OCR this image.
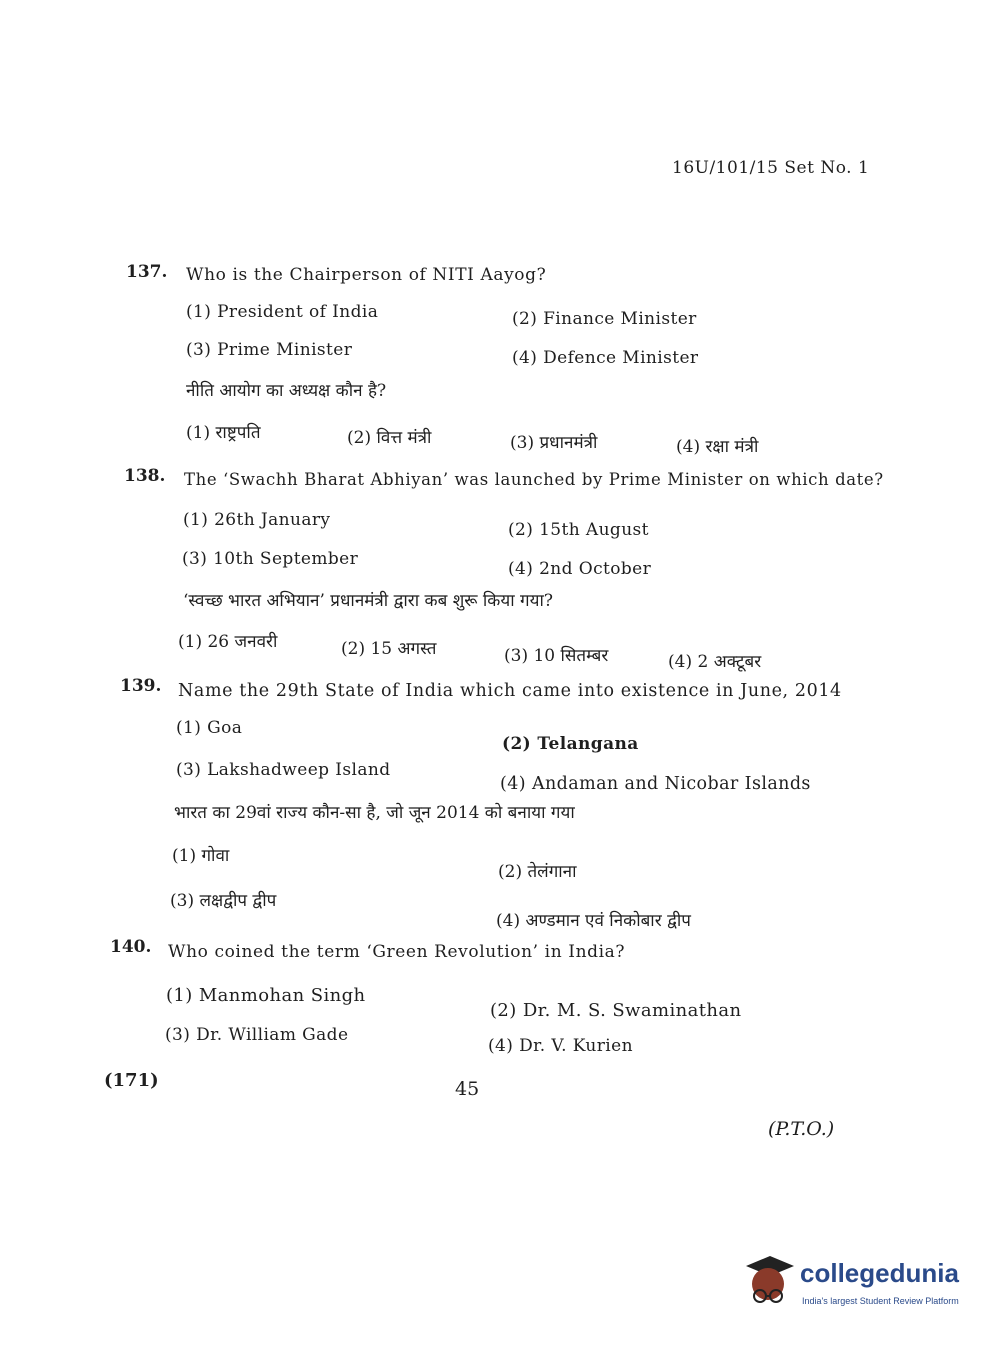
16U/101/15 Set No. 1
137. Who is the Chairperson of NITI Aayog?
(1) President of India	(2) Finance Minister
(3) Prime Minister	(4) Defence Minister
नीति आयोग का अध्यक्ष कौन है?
(1) राष्ट्रपति	(2) वित्त मंत्री	(3) प्रधानमंत्री	(4) रक्षा मंत्री
138. The ‘Swachh Bharat Abhiyan’ was launched by Prime Minister on which date?
(1) 26th January	(2) 15th August
(3) 10th September	(4) 2nd October
‘स्वच्छ भारत अभियान’ प्रधानमंत्री द्वारा कब शुरू किया गया?
(1) 26 जनवरी	(2) 15 अगस्त	(3) 10 सितम्बर	(4) 2 अक्टूबर
139. Name the 29th State of India which came into existence in June, 2014
(1) Goa
(2) Telangana
(3) Lakshadweep Island
(4) Andaman and Nicobar Islands
भारत का 29वां राज्य कौन-सा है, जो जून 2014 को बनाया गया
(1) गोवा
(2) तेलंगाना
(3) लक्षद्वीप द्वीप
(4) अण्डमान एवं निकोबार द्वीप
140. Who coined the term ‘Green Revolution’ in India?
(1) Manmohan Singh
(2) Dr. M. S. Swaminathan
(3) Dr. William Gade
(4) Dr. V. Kurien
(171)	45
(P.T.O.)
collegedunia
India's largest Student Review Platform
